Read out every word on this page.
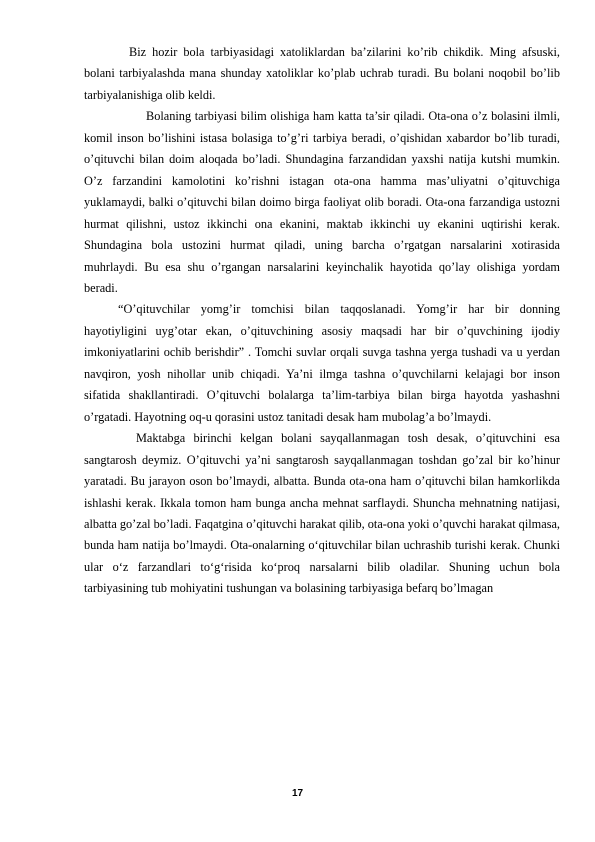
Biz hozir bola tarbiyasidagi xatoliklardan ba’zilarini ko’rib chikdik. Ming afsuski, bolani tarbiyalashda mana shunday xatoliklar ko’plab uchrab turadi. Bu bolani noqobil bo’lib tarbiyalanishiga olib keldi.

Bolaning tarbiyasi bilim olishiga ham katta ta’sir qiladi. Ota-ona o’z bolasini ilmli, komil inson bo’lishini istasa bolasiga to’g’ri tarbiya beradi, o’qishidan xabardor bo’lib turadi, o’qituvchi bilan doim aloqada bo’ladi. Shundagina farzandidan yaxshi natija kutshi mumkin. O’z farzandini kamolotini ko’rishni istagan ota-ona hamma mas’uliyatni o’qituvchiga yuklamaydi, balki o’qituvchi bilan doimo birga faoliyat olib boradi. Ota-ona farzandiga ustozni hurmat qilishni, ustoz ikkinchi ona ekanini, maktab ikkinchi uy ekanini uqtirishi kerak. Shundagina bola ustozini hurmat qiladi, uning barcha o’rgatgan narsalarini xotirasida muhrlaydi. Bu esa shu o’rgangan narsalarini keyinchalik hayotida qo’lay olishiga yordam beradi.

“O’qituvchilar yomg’ir tomchisi bilan taqqoslanadi. Yomg’ir har bir donning hayotiyligini uyg’otar ekan, o’qituvchining asosiy maqsadi har bir o’quvchining ijodiy imkoniyatlarini ochib berishdir” . Tomchi suvlar orqali suvga tashna yerga tushadi va u yerdan navqiron, yosh nihollar unib chiqadi. Ya’ni ilmga tashna o’quvchilarni kelajagi bor inson sifatida shakllantiradi. O’qituvchi bolalarga ta’lim-tarbiya bilan birga hayotda yashashni o’rgatadi. Hayotning oq-u qorasini ustoz tanitadi desak ham mubolag’a bo’lmaydi.

Maktabga birinchi kelgan bolani sayqallanmagan tosh desak, o’qituvchini esa sangtarosh deymiz. O’qituvchi ya’ni sangtarosh sayqallanmagan toshdan go’zal bir ko’hinur yaratadi. Bu jarayon oson bo’lmaydi, albatta. Bunda ota-ona ham o’qituvchi bilan hamkorlikda ishlashi kerak. Ikkala tomon ham bunga ancha mehnat sarflaydi. Shuncha mehnatning natijasi, albatta go’zal bo’ladi. Faqatgina o’qituvchi harakat qilib, ota-ona yoki o’quvchi harakat qilmasa, bunda ham natija bo’lmaydi. Ota-onalarning o‘qituvchilar bilan uchrashib turishi kerak. Chunki ular o‘z farzandlari to‘g‘risida ko‘proq narsalarni bilib oladilar. Shuning uchun bola tarbiyasining tub mohiyatini tushungan va bolasining tarbiyasiga befarq bo’lmagan

17
